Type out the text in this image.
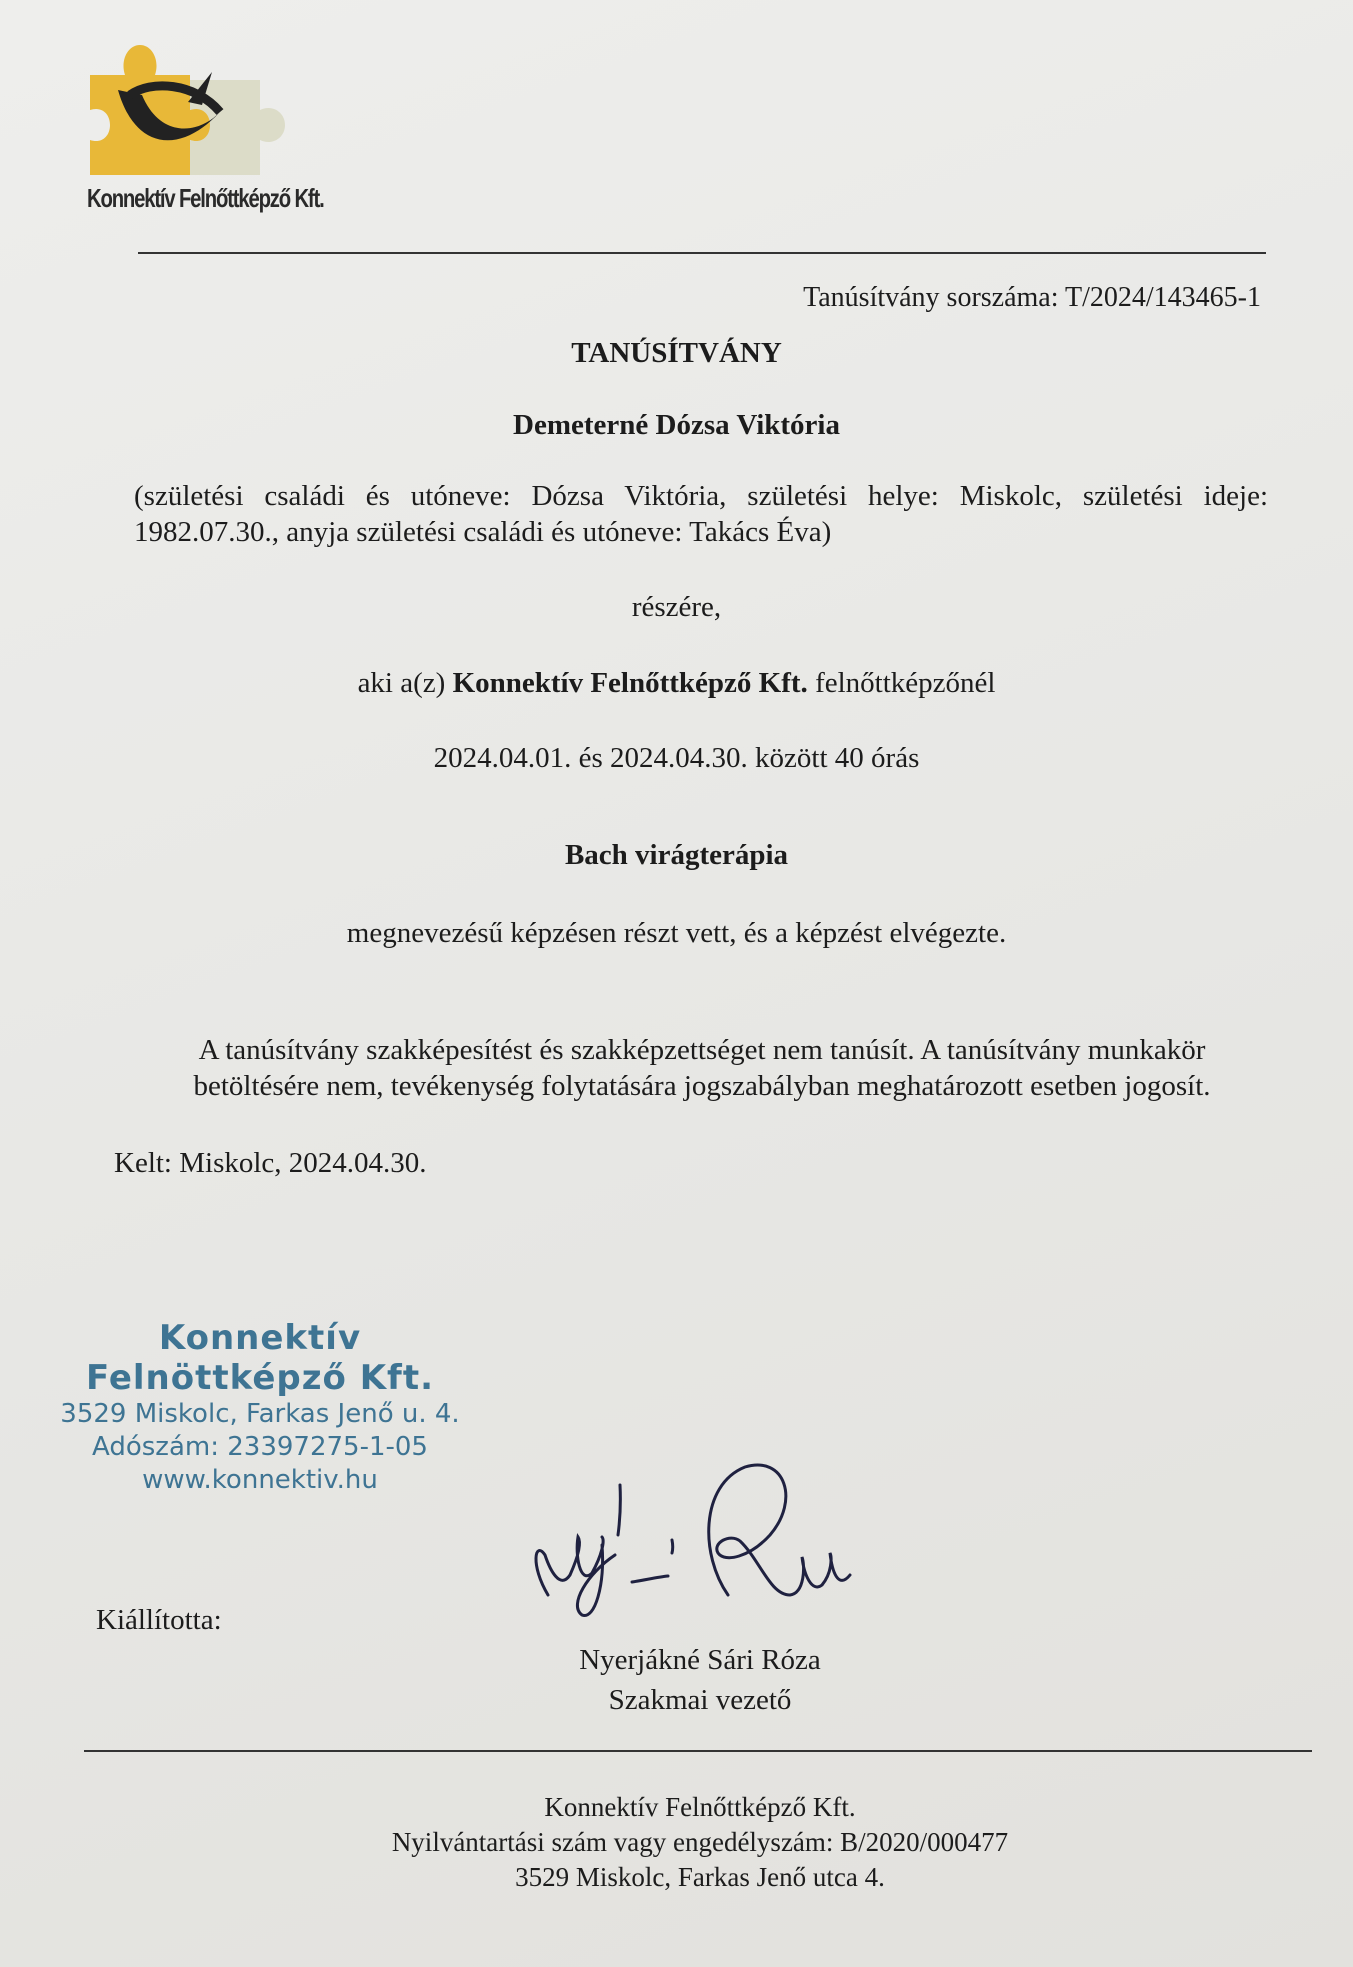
Konnektív Felnőttképző Kft.
Tanúsítvány sorszáma: T/2024/143465-1
TANÚSÍTVÁNY
Demeterné Dózsa Viktória
(születési családi és utóneve: Dózsa Viktória, születési helye: Miskolc, születési ideje:
1982.07.30., anyja születési családi és utóneve: Takács Éva)
részére,
aki a(z) Konnektív Felnőttképző Kft. felnőttképzőnél
2024.04.01. és 2024.04.30. között 40 órás
Bach virágterápia
megnevezésű képzésen részt vett, és a képzést elvégezte.
A tanúsítvány szakképesítést és szakképzettséget nem tanúsít. A tanúsítvány munkakör
betöltésére nem, tevékenység folytatására jogszabályban meghatározott esetben jogosít.
Kelt: Miskolc, 2024.04.30.
Konnektív
Felnöttképző Kft.
3529 Miskolc, Farkas Jenő u. 4.
Adószám: 23397275-1-05
www.konnektiv.hu
Kiállította:
Nyerjákné Sári Róza
Szakmai vezető
Konnektív Felnőttképző Kft.
Nyilvántartási szám vagy engedélyszám: B/2020/000477
3529 Miskolc, Farkas Jenő utca 4.
